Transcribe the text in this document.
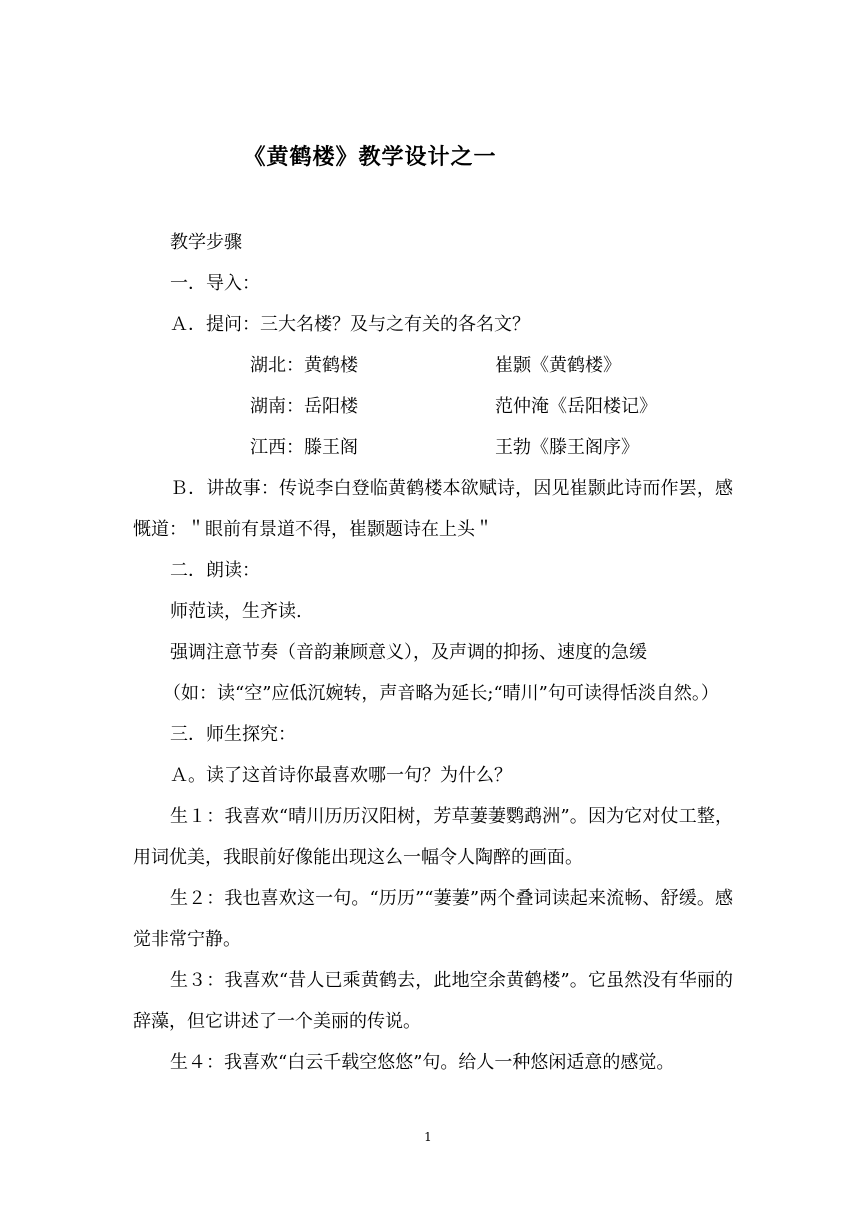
《黄鹤楼》教学设计之一

教学步骤

一．导入：

Ａ．提问：三大名楼？及与之有关的各名文？

湖北：黄鹤楼	崔颢《黄鹤楼》
湖南：岳阳楼	范仲淹《岳阳楼记》
江西：滕王阁	王勃《滕王阁序》

Ｂ．讲故事：传说李白登临黄鹤楼本欲赋诗，因见崔颢此诗而作罢，感慨道：＂眼前有景道不得，崔颢题诗在上头＂

二．朗读：

师范读，生齐读.

强调注意节奏（音韵兼顾意义），及声调的抑扬、速度的急缓

（如：读“空”应低沉婉转，声音略为延长;“晴川”句可读得恬淡自然。）

三．师生探究：

Ａ。读了这首诗你最喜欢哪一句？为什么？

生１：我喜欢“晴川历历汉阳树，芳草萋萋鹦鹉洲”。因为它对仗工整，用词优美，我眼前好像能出现这么一幅令人陶醉的画面。

生２：我也喜欢这一句。“历历”“萋萋”两个叠词读起来流畅、舒缓。感觉非常宁静。

生３：我喜欢“昔人已乘黄鹤去，此地空余黄鹤楼”。它虽然没有华丽的辞藻，但它讲述了一个美丽的传说。

生４：我喜欢“白云千载空悠悠”句。给人一种悠闲适意的感觉。

1
